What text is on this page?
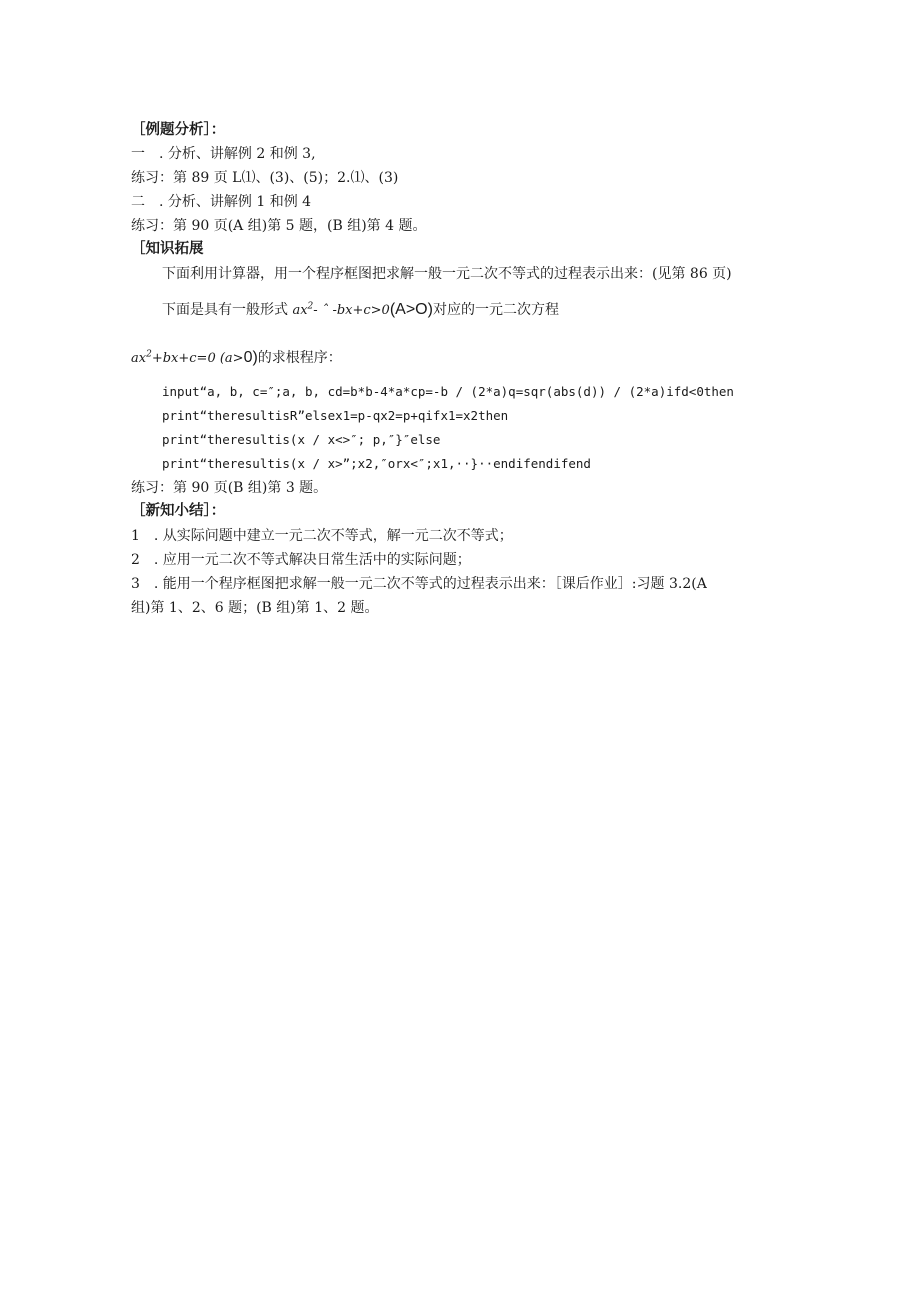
［例题分析］：
一　. 分析、讲解例 2 和例 3,
练习：第 89 页 L⑴、(3)、(5)；2.⑴、(3)
二　. 分析、讲解例 1 和例 4
练习：第 90 页(A 组)第 5 题，(B 组)第 4 题。
［知识拓展
下面利用计算器，用一个程序框图把求解一般一元二次不等式的过程表示出来：(见第 86 页)
下面是具有一般形式 $ax^2-$ ˆ -bx+c>0(A>O)对应的一元二次方程
$ax^2+bx+c=0$ (a>0)的求根程序：
input“a, b, c=″;a, b, cd=b*b-4*a*cp=-b / (2*a)q=sqr(abs(d)) / (2*a)ifd<0then
print“theresultisR”elsex1=p-qx2=p+qifx1=x2then
print“theresultis(x / x<>″; p,″}″else
print“theresultis(x / x>”;x2,″orx<″;x1,··}··endifendifend
练习：第 90 页(B 组)第 3 题。
［新知小结］：
1　. 从实际问题中建立一元二次不等式，解一元二次不等式；
2　. 应用一元二次不等式解决日常生活中的实际问题；
3　. 能用一个程序框图把求解一般一元二次不等式的过程表示出来：［课后作业］:习题 3.2(A
组)第 1、2、6 题；(B 组)第 1、2 题。
